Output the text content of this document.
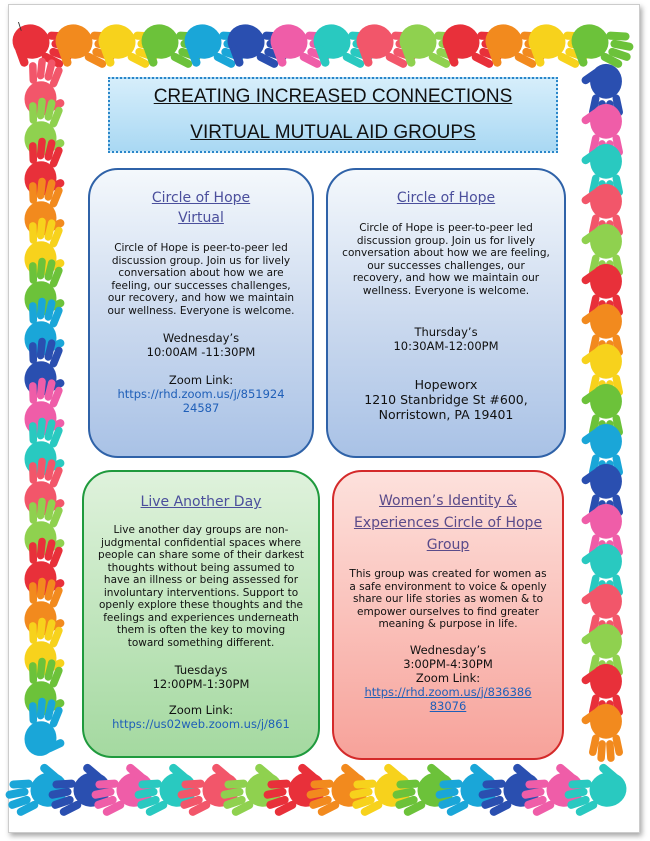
\
CREATING INCREASED CONNECTIONS
VIRTUAL MUTUAL AID GROUPS
Circle of Hope
Virtual
Circle of Hope is peer-to-peer led discussion group. Join us for lively conversation about how we are feeling, our successes challenges, our recovery, and how we maintain our wellness. Everyone is welcome.
Wednesday’s
10:00AM -11:30PM
Zoom Link:
https://rhd.zoom.us/j/851924
24587
Circle of Hope
Circle of Hope is peer-to-peer led discussion group. Join us for lively conversation about how we are feeling, our successes challenges, our recovery, and how we maintain our wellness. Everyone is welcome.
Thursday’s
10:30AM-12:00PM
Hopeworx
1210 Stanbridge St #600,
Norristown, PA 19401
Live Another Day
Live another day groups are non-judgmental confidential spaces where people can share some of their darkest thoughts without being assumed to have an illness or being assessed for involuntary interventions. Support to openly explore these thoughts and the feelings and experiences underneath them is often the key to moving toward something different.
Tuesdays
12:00PM-1:30PM
Zoom Link:
https://us02web.zoom.us/j/861
Women’s Identity &
Experiences Circle of Hope
Group
This group was created for women as a safe environment to voice & openly share our life stories as women & to empower ourselves to find greater meaning & purpose in life.
Wednesday’s
3:00PM-4:30PM
Zoom Link:
https://rhd.zoom.us/j/836386
83076
